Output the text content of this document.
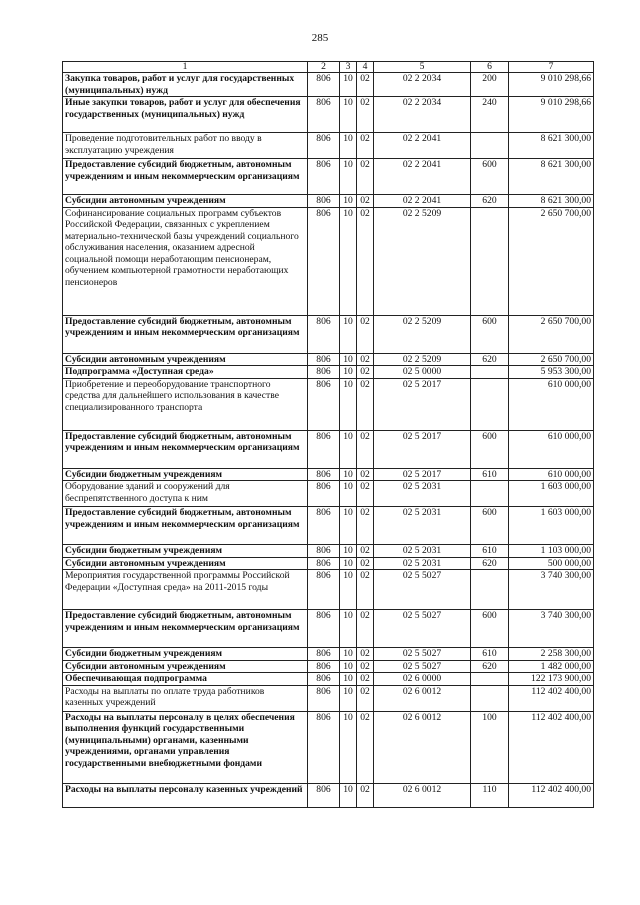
285
1	2	3	4	5	6	7
Закупка товаров, работ и услуг для государственных (муниципальных) нужд	806	10	02	02 2 2034	200	9 010 298,66
Иные закупки товаров, работ и услуг для обеспечения государственных (муниципальных) нужд	806	10	02	02 2 2034	240	9 010 298,66
Проведение подготовительных работ по вводу в эксплуатацию учреждения	806	10	02	02 2 2041		8 621 300,00
Предоставление субсидий бюджетным, автономным учреждениям и иным некоммерческим организациям	806	10	02	02 2 2041	600	8 621 300,00
Субсидии автономным учреждениям	806	10	02	02 2 2041	620	8 621 300,00
Софинансирование социальных программ субъектов Российской Федерации, связанных с укреплением материально-технической базы учреждений социального обслуживания населения, оказанием адресной социальной помощи неработающим пенсионерам, обучением компьютерной грамотности неработающих пенсионеров	806	10	02	02 2 5209		2 650 700,00
Предоставление субсидий бюджетным, автономным учреждениям и иным некоммерческим организациям	806	10	02	02 2 5209	600	2 650 700,00
Субсидии автономным учреждениям	806	10	02	02 2 5209	620	2 650 700,00
Подпрограмма «Доступная среда»	806	10	02	02 5 0000		5 953 300,00
Приобретение и переоборудование транспортного средства для дальнейшего использования в качестве специализированного транспорта	806	10	02	02 5 2017		610 000,00
Предоставление субсидий бюджетным, автономным учреждениям и иным некоммерческим организациям	806	10	02	02 5 2017	600	610 000,00
Субсидии бюджетным учреждениям	806	10	02	02 5 2017	610	610 000,00
Оборудование зданий и сооружений для беспрепятственного доступа к ним	806	10	02	02 5 2031		1 603 000,00
Предоставление субсидий бюджетным, автономным учреждениям и иным некоммерческим организациям	806	10	02	02 5 2031	600	1 603 000,00
Субсидии бюджетным учреждениям	806	10	02	02 5 2031	610	1 103 000,00
Субсидии автономным учреждениям	806	10	02	02 5 2031	620	500 000,00
Мероприятия государственной программы Российской Федерации «Доступная среда» на 2011-2015 годы	806	10	02	02 5 5027		3 740 300,00
Предоставление субсидий бюджетным, автономным учреждениям и иным некоммерческим организациям	806	10	02	02 5 5027	600	3 740 300,00
Субсидии бюджетным учреждениям	806	10	02	02 5 5027	610	2 258 300,00
Субсидии автономным учреждениям	806	10	02	02 5 5027	620	1 482 000,00
Обеспечивающая подпрограмма	806	10	02	02 6 0000		122 173 900,00
Расходы на выплаты по оплате труда работников казенных учреждений	806	10	02	02 6 0012		112 402 400,00
Расходы на выплаты персоналу в целях обеспечения выполнения функций государственными (муниципальными) органами, казенными учреждениями, органами управления государственными внебюджетными фондами	806	10	02	02 6 0012	100	112 402 400,00
Расходы на выплаты персоналу казенных учреждений	806	10	02	02 6 0012	110	112 402 400,00
